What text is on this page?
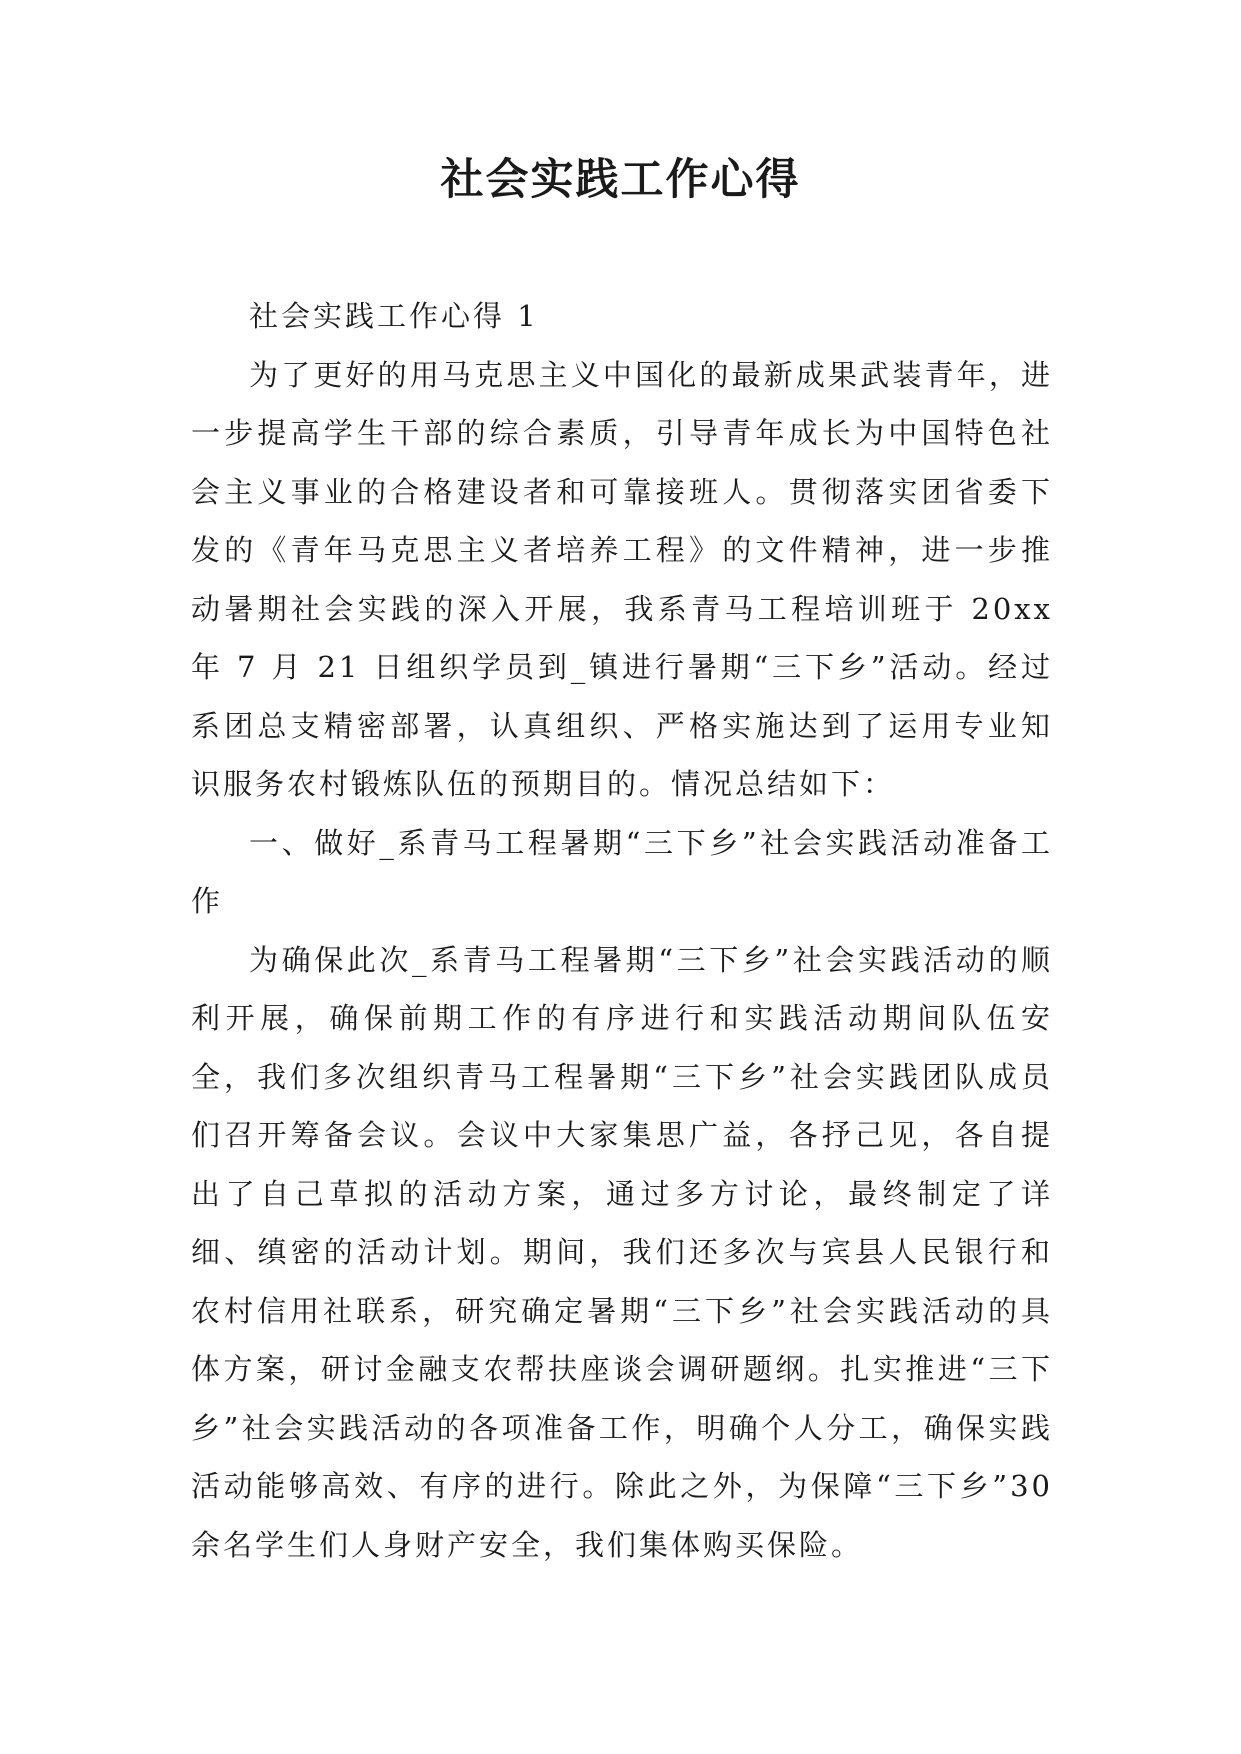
社会实践工作心得

社会实践工作心得 1

为了更好的用马克思主义中国化的最新成果武装青年，进一步提高学生干部的综合素质，引导青年成长为中国特色社会主义事业的合格建设者和可靠接班人。贯彻落实团省委下发的《青年马克思主义者培养工程》的文件精神，进一步推动暑期社会实践的深入开展，我系青马工程培训班于 20xx 年 7 月 21 日组织学员到_镇进行暑期“三下乡”活动。经过系团总支精密部署，认真组织、严格实施达到了运用专业知识服务农村锻炼队伍的预期目的。情况总结如下：

一、做好_系青马工程暑期“三下乡”社会实践活动准备工作

为确保此次_系青马工程暑期“三下乡”社会实践活动的顺利开展，确保前期工作的有序进行和实践活动期间队伍安全，我们多次组织青马工程暑期“三下乡”社会实践团队成员们召开筹备会议。会议中大家集思广益，各抒己见，各自提出了自己草拟的活动方案，通过多方讨论，最终制定了详细、缜密的活动计划。期间，我们还多次与宾县人民银行和农村信用社联系，研究确定暑期“三下乡”社会实践活动的具体方案，研讨金融支农帮扶座谈会调研题纲。扎实推进“三下乡”社会实践活动的各项准备工作，明确个人分工，确保实践活动能够高效、有序的进行。除此之外，为保障“三下乡”30 余名学生们人身财产安全，我们集体购买保险。
